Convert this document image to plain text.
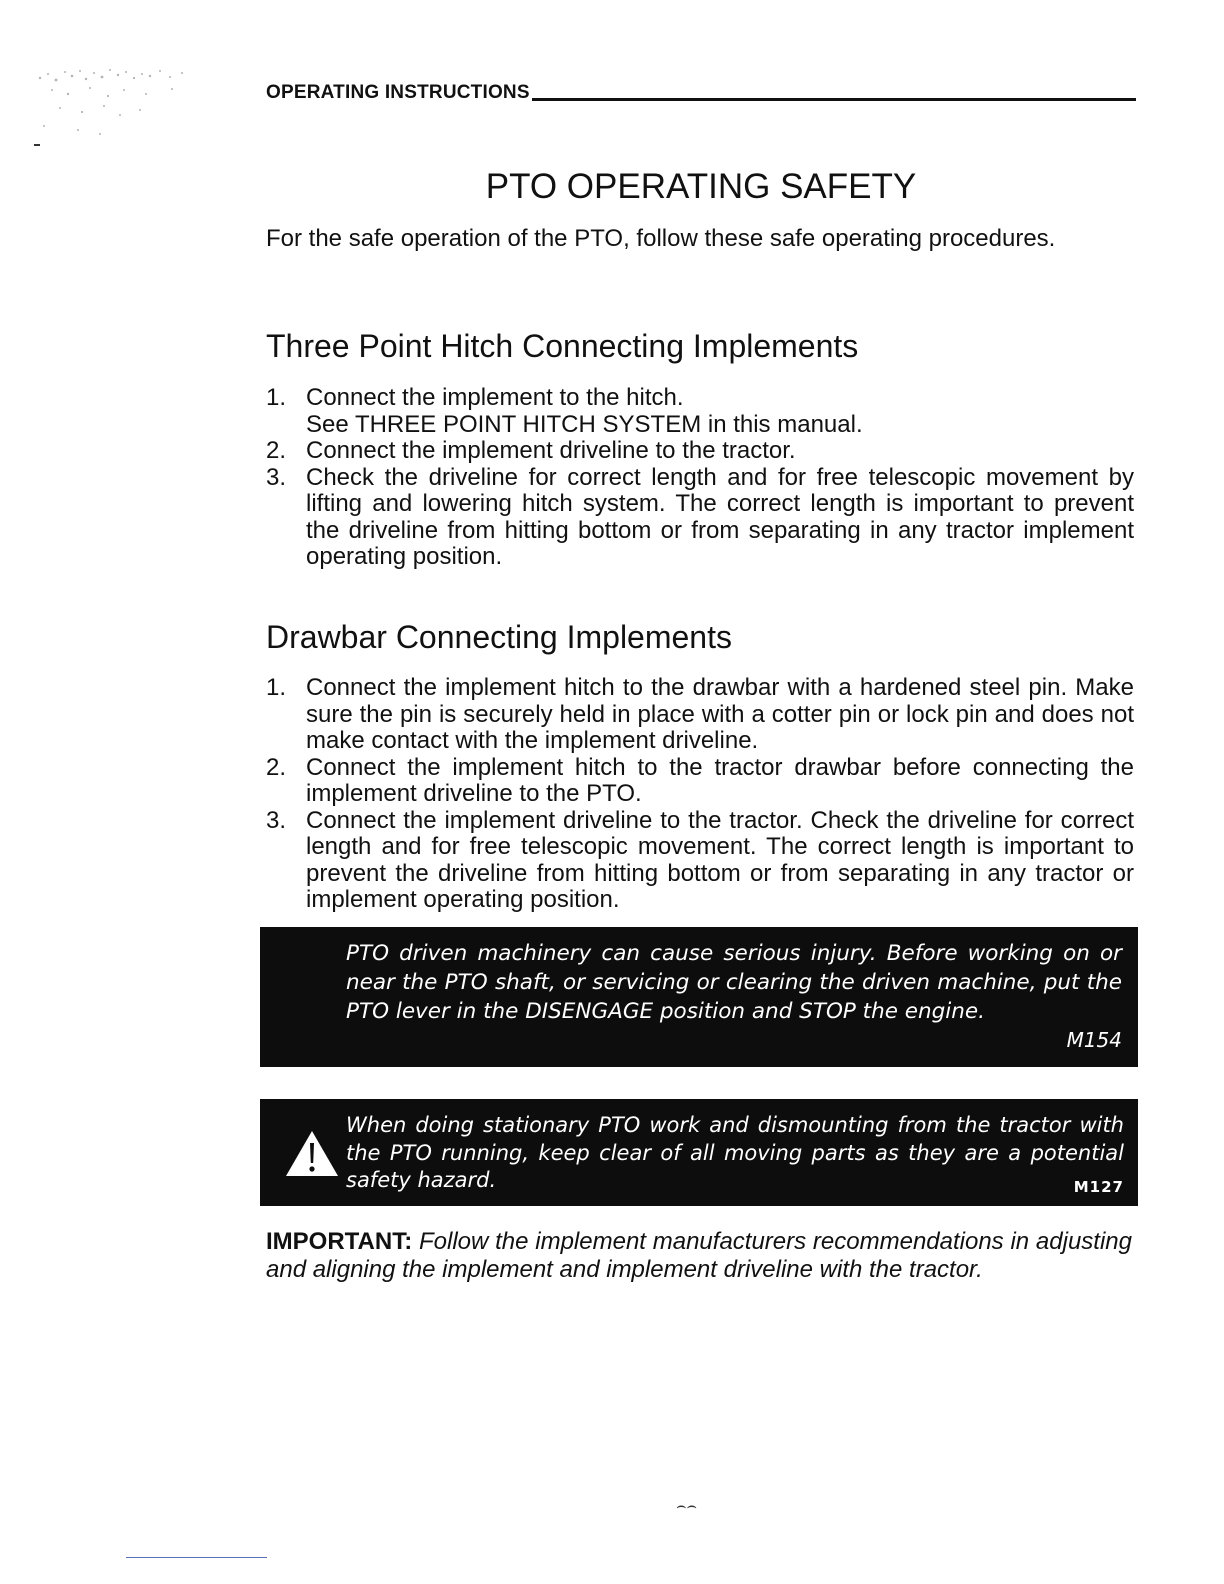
OPERATING INSTRUCTIONS
PTO OPERATING SAFETY
For the safe operation of the PTO, follow these safe operating procedures.
Three Point Hitch Connecting Implements
1. Connect the implement to the hitch.
See THREE POINT HITCH SYSTEM in this manual.
2. Connect the implement driveline to the tractor.
3. Check the driveline for correct length and for free telescopic movement by lifting and lowering hitch system. The correct length is important to prevent the driveline from hitting bottom or from separating in any tractor implement operating position.
Drawbar Connecting Implements
1. Connect the implement hitch to the drawbar with a hardened steel pin. Make sure the pin is securely held in place with a cotter pin or lock pin and does not make contact with the implement driveline.
2. Connect the implement hitch to the tractor drawbar before connecting the implement driveline to the PTO.
3. Connect the implement driveline to the tractor. Check the driveline for correct length and for free telescopic movement. The correct length is important to prevent the driveline from hitting bottom or from separating in any tractor or implement operating position.
PTO driven machinery can cause serious injury. Before working on or near the PTO shaft, or servicing or clearing the driven machine, put the PTO lever in the DISENGAGE position and STOP the engine.
M154
When doing stationary PTO work and dismounting from the tractor with the PTO running, keep clear of all moving parts as they are a potential safety hazard.	M127
IMPORTANT: Follow the implement manufacturers recommendations in adjusting and aligning the implement and implement driveline with the tractor.
⌢⌢
